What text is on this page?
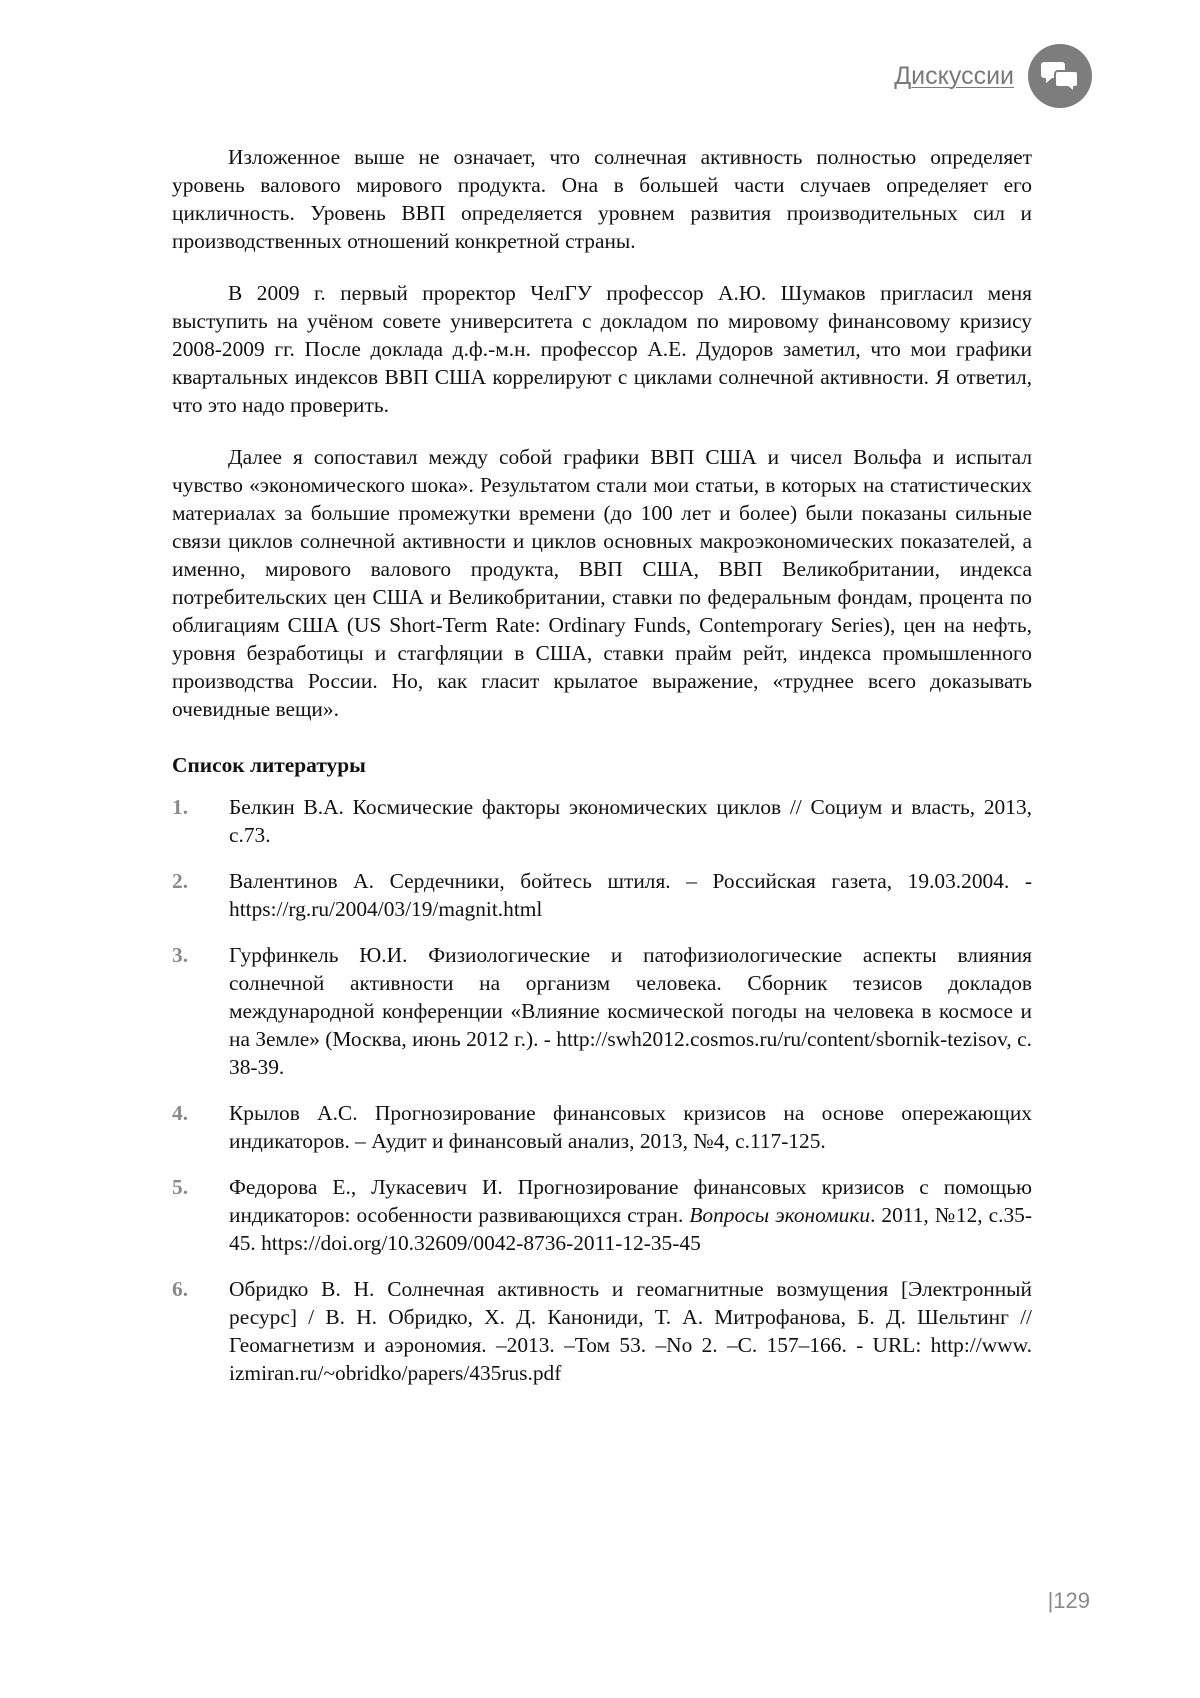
Дискуссии

Изложенное выше не означает, что солнечная активность полностью определяет уровень валового мирового продукта. Она в большей части случаев определяет его цикличность. Уровень ВВП определяется уровнем развития производительных сил и производственных отношений конкретной страны.

В 2009 г. первый проректор ЧелГУ профессор А.Ю. Шумаков пригласил меня выступить на учёном совете университета с докладом по мировому финансовому кризису 2008-2009 гг. После доклада д.ф.-м.н. профессор А.Е. Дудоров заметил, что мои графики квартальных индексов ВВП США коррелируют с циклами солнечной активности. Я ответил, что это надо проверить.

Далее я сопоставил между собой графики ВВП США и чисел Вольфа и испытал чувство «экономического шока». Результатом стали мои статьи, в которых на статистических материалах за большие промежутки времени (до 100 лет и более) были показаны сильные связи циклов солнечной активности и циклов основных макроэкономических показателей, а именно, мирового валового продукта, ВВП США, ВВП Великобритании, индекса потребительских цен США и Великобритании, ставки по федеральным фондам, процента по облигациям США (US Short-Term Rate: Ordinary Funds, Contemporary Series), цен на нефть, уровня безработицы и стагфляции в США, ставки прайм рейт, индекса промышленного производства России. Но, как гласит крылатое выражение, «труднее всего доказывать очевидные вещи».

Список литературы
1.	Белкин В.А. Космические факторы экономических циклов // Социум и власть, 2013, с.73.
2.	Валентинов А. Сердечники, бойтесь штиля. – Российская газета, 19.03.2004. - https://rg.ru/2004/03/19/magnit.html
3.	Гурфинкель Ю.И. Физиологические и патофизиологические аспекты влияния солнечной активности на организм человека. Сборник тезисов докладов международной конференции «Влияние космической погоды на человека в космосе и на Земле» (Москва, июнь 2012 г.). - http://swh2012.cosmos.ru/ru/content/sbornik-tezisov, с. 38-39.
4.	Крылов А.С. Прогнозирование финансовых кризисов на основе опережающих индикаторов. – Аудит и финансовый анализ, 2013, №4, с.117-125.
5.	Федорова Е., Лукасевич И. Прогнозирование финансовых кризисов с помощью индикаторов: особенности развивающихся стран. Вопросы экономики. 2011, №12, с.35-45. https://doi.org/10.32609/0042-8736-2011-12-35-45
6.	Обридко В. Н. Солнечная активность и геомагнитные возмущения [Электронный ресурс] / В. Н. Обридко, Х. Д. Канониди, Т. А. Митрофанова, Б. Д. Шельтинг // Геомагнетизм и аэрономия. –2013. –Том 53. –No 2. –С. 157–166. - URL: http://www. izmiran.ru/~obridko/papers/435rus.pdf
|129
